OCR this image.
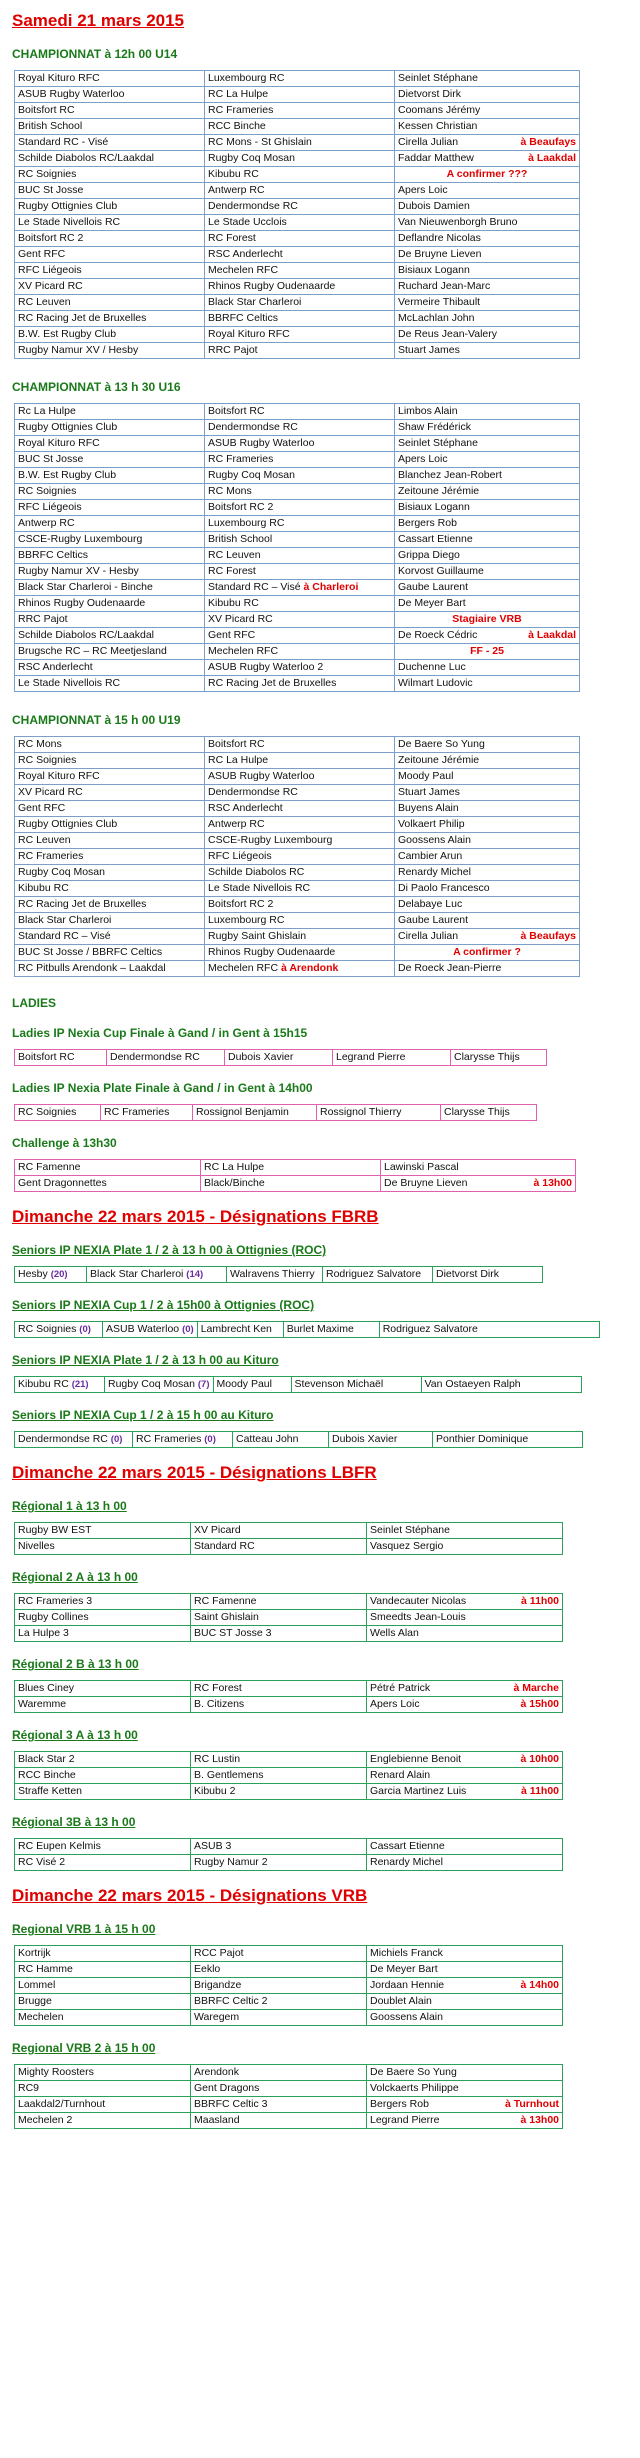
Samedi 21 mars 2015
CHAMPIONNAT à 12h 00 U14
Royal Kituro RFC	Luxembourg RC	Seinlet Stéphane
ASUB Rugby Waterloo	RC La Hulpe	Dietvorst Dirk
Boitsfort RC	RC Frameries	Coomans Jérémy
British School	RCC Binche	Kessen Christian
Standard RC - Visé	RC Mons - St Ghislain	Cirella Julian à Beaufays

Schilde Diabolos RC/Laakdal	Rugby Coq Mosan	Faddar Matthew à Laakdal

RC Soignies	Kibubu RC	A confirmer ???

BUC St Josse	Antwerp RC	Apers Loic
Rugby Ottignies Club	Dendermondse RC	Dubois Damien
Le Stade Nivellois RC	Le Stade Ucclois	Van Nieuwenborgh Bruno
Boitsfort RC 2	RC Forest	Deflandre Nicolas
Gent RFC	RSC Anderlecht	De Bruyne Lieven
RFC Liégeois	Mechelen RFC	Bisiaux Logann
XV Picard RC	Rhinos Rugby Oudenaarde	Ruchard Jean-Marc
RC Leuven	Black Star Charleroi	Vermeire Thibault
RC Racing Jet de Bruxelles	BBRFC Celtics	McLachlan John
B.W. Est Rugby Club	Royal Kituro RFC	De Reus Jean-Valery
Rugby Namur XV / Hesby	RRC Pajot	Stuart James
CHAMPIONNAT à 13 h 30 U16
Rc La Hulpe	Boitsfort RC	Limbos Alain
Rugby Ottignies Club	Dendermondse RC	Shaw Frédérick
Royal Kituro RFC	ASUB Rugby Waterloo	Seinlet Stéphane
BUC St Josse	RC Frameries	Apers Loic
B.W. Est Rugby Club	Rugby Coq Mosan	Blanchez Jean-Robert
RC Soignies	RC Mons	Zeitoune Jérémie
RFC Liégeois	Boitsfort RC 2	Bisiaux Logann
Antwerp RC	Luxembourg RC	Bergers Rob
CSCE-Rugby Luxembourg	British School	Cassart Etienne
BBRFC Celtics	RC Leuven	Grippa Diego
Rugby Namur XV - Hesby	RC Forest	Korvost Guillaume
Black Star Charleroi - Binche	Standard RC – Visé à Charleroi	Gaube Laurent
Rhinos Rugby Oudenaarde	Kibubu RC	De Meyer Bart
RRC Pajot	XV Picard RC	Stagiaire VRB

Schilde Diabolos RC/Laakdal	Gent RFC	De Roeck Cédric à Laakdal

Brugsche RC – RC Meetjesland	Mechelen RFC	FF - 25

RSC Anderlecht	ASUB Rugby Waterloo 2	Duchenne Luc
Le Stade Nivellois RC	RC Racing Jet de Bruxelles	Wilmart Ludovic
CHAMPIONNAT à 15 h 00 U19
RC Mons	Boitsfort RC	De Baere So Yung
RC Soignies	RC La Hulpe	Zeitoune Jérémie
Royal Kituro RFC	ASUB Rugby Waterloo	Moody Paul
XV Picard RC	Dendermondse RC	Stuart James
Gent RFC	RSC Anderlecht	Buyens Alain
Rugby Ottignies Club	Antwerp RC	Volkaert Philip
RC Leuven	CSCE-Rugby Luxembourg	Goossens Alain
RC Frameries	RFC Liégeois	Cambier Arun
Rugby Coq Mosan	Schilde Diabolos RC	Renardy Michel
Kibubu RC	Le Stade Nivellois RC	Di Paolo Francesco
RC Racing Jet de Bruxelles	Boitsfort RC 2	Delabaye Luc
Black Star Charleroi	Luxembourg RC	Gaube Laurent
Standard RC – Visé	Rugby Saint Ghislain	Cirella Julian à Beaufays

BUC St Josse / BBRFC Celtics	Rhinos Rugby Oudenaarde	A confirmer ?

RC Pitbulls Arendonk – Laakdal	Mechelen RFC à Arendonk	De Roeck Jean-Pierre
LADIES
Ladies IP Nexia Cup Finale à Gand / in Gent à 15h15
Boitsfort RC	Dendermondse RC	Dubois Xavier	Legrand Pierre	Clarysse Thijs
Ladies IP Nexia Plate Finale à Gand / in Gent à 14h00
RC Soignies	RC Frameries	Rossignol Benjamin	Rossignol Thierry	Clarysse Thijs
Challenge à 13h30
RC Famenne	RC La Hulpe	Lawinski Pascal
Gent Dragonnettes	Black/Binche	De Bruyne Lieven à 13h00
Dimanche 22 mars 2015 - Désignations FBRB
Seniors IP NEXIA Plate 1 / 2 à 13 h 00 à Ottignies (ROC)
Hesby (20)	Black Star Charleroi (14)	Walravens Thierry	Rodriguez Salvatore	Dietvorst Dirk
Seniors IP NEXIA Cup 1 / 2 à 15h00 à Ottignies (ROC)
RC Soignies (0)	ASUB Waterloo (0)	Lambrecht Ken	Burlet Maxime	Rodriguez Salvatore
Seniors IP NEXIA Plate 1 / 2 à 13 h 00 au Kituro
Kibubu RC (21)	Rugby Coq Mosan (7)	Moody Paul	Stevenson Michaël	Van Ostaeyen Ralph
Seniors IP NEXIA Cup 1 / 2 à 15 h 00 au Kituro
Dendermondse RC (0)	RC Frameries (0)	Catteau John	Dubois Xavier	Ponthier Dominique
Dimanche 22 mars 2015 - Désignations LBFR
Régional 1 à 13 h 00
Rugby BW EST	XV Picard	Seinlet Stéphane
Nivelles	Standard RC	Vasquez Sergio
Régional 2 A à 13 h 00
RC Frameries 3	RC Famenne	Vandecauter Nicolas à 11h00

Rugby Collines	Saint Ghislain	Smeedts Jean-Louis
La Hulpe 3	BUC ST Josse 3	Wells Alan
Régional 2 B à 13 h 00
Blues Ciney	RC Forest	Pétré Patrick à Marche

Waremme	B. Citizens	Apers Loic à 15h00
Régional 3 A à 13 h 00
Black Star 2	RC Lustin	Englebienne Benoit à 10h00

RCC Binche	B. Gentlemens	Renard Alain
Straffe Ketten	Kibubu 2	Garcia Martinez Luis à 11h00
Régional 3B à 13 h 00
RC Eupen Kelmis	ASUB 3	Cassart Etienne
RC Visé 2	Rugby Namur 2	Renardy Michel
Dimanche 22 mars 2015 - Désignations VRB
Regional VRB 1 à 15 h 00
Kortrijk	RCC Pajot	Michiels Franck
RC Hamme	Eeklo	De Meyer Bart
Lommel	Brigandze	Jordaan Hennie à 14h00

Brugge	BBRFC Celtic 2	Doublet Alain
Mechelen	Waregem	Goossens Alain
Regional VRB 2 à 15 h 00
Mighty Roosters	Arendonk	De Baere So Yung
RC9	Gent Dragons	Volckaerts Philippe
Laakdal2/Turnhout	BBRFC Celtic 3	Bergers Rob à Turnhout

Mechelen 2	Maasland	Legrand Pierre à 13h00
